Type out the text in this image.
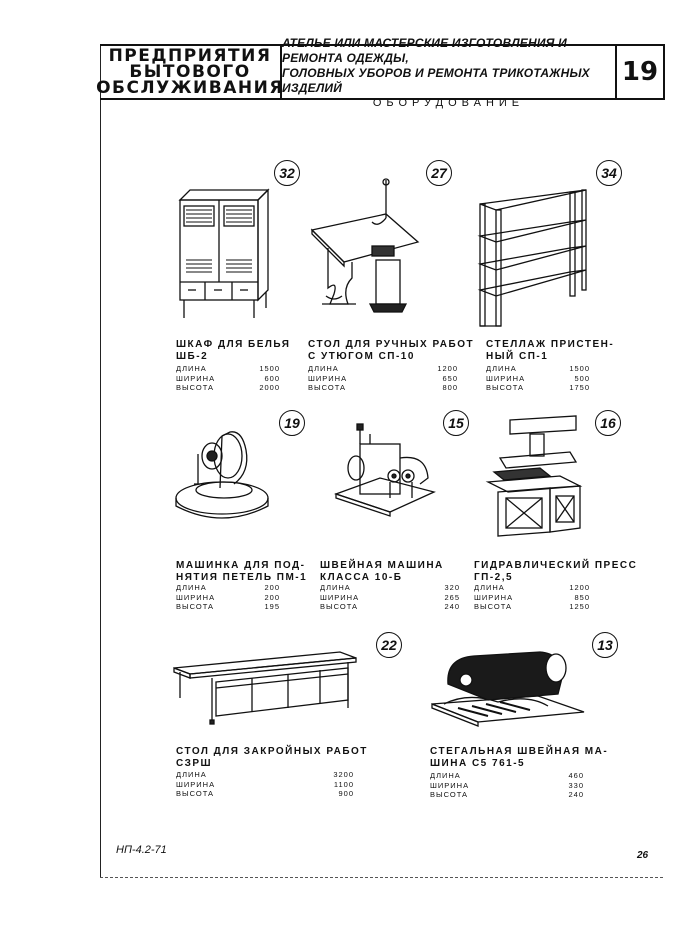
ПРЕДПРИЯТИЯ
БЫТОВОГО
ОБСЛУЖИВАНИЯ
АТЕЛЬЕ ИЛИ МАСТЕРСКИЕ ИЗГОТОВЛЕНИЯ И РЕМОНТА ОДЕЖДЫ,
ГОЛОВНЫХ УБОРОВ И РЕМОНТА ТРИКОТАЖНЫХ ИЗДЕЛИЙ
ОБОРУДОВАНИЕ
19
32
ШКАФ ДЛЯ БЕЛЬЯ
ШБ-2
ДЛИНА	1500
ШИРИНА	600
ВЫСОТА	2000
27
СТОЛ ДЛЯ РУЧНЫХ РАБОТ
С УТЮГОМ СП-10
ДЛИНА	1200
ШИРИНА	650
ВЫСОТА	800
34
СТЕЛЛАЖ ПРИСТЕН-
НЫЙ СП-1
ДЛИНА	1500
ШИРИНА	500
ВЫСОТА	1750
19
МАШИНКА ДЛЯ ПОД-
НЯТИЯ ПЕТЕЛЬ ПМ-1
ДЛИНА	200
ШИРИНА	200
ВЫСОТА	195
15
ШВЕЙНАЯ МАШИНА
КЛАССА 10-Б
ДЛИНА	320
ШИРИНА	265
ВЫСОТА	240
16
ГИДРАВЛИЧЕСКИЙ ПРЕСС
ГП-2,5
ДЛИНА	1200
ШИРИНА	850
ВЫСОТА	1250
22
СТОЛ ДЛЯ ЗАКРОЙНЫХ РАБОТ
СЗРШ
ДЛИНА	3200
ШИРИНА	1100
ВЫСОТА	900
13
СТЕГАЛЬНАЯ ШВЕЙНАЯ МА-
ШИНА С5 761-5
ДЛИНА	460
ШИРИНА	330
ВЫСОТА	240
НП-4.2-71	26
